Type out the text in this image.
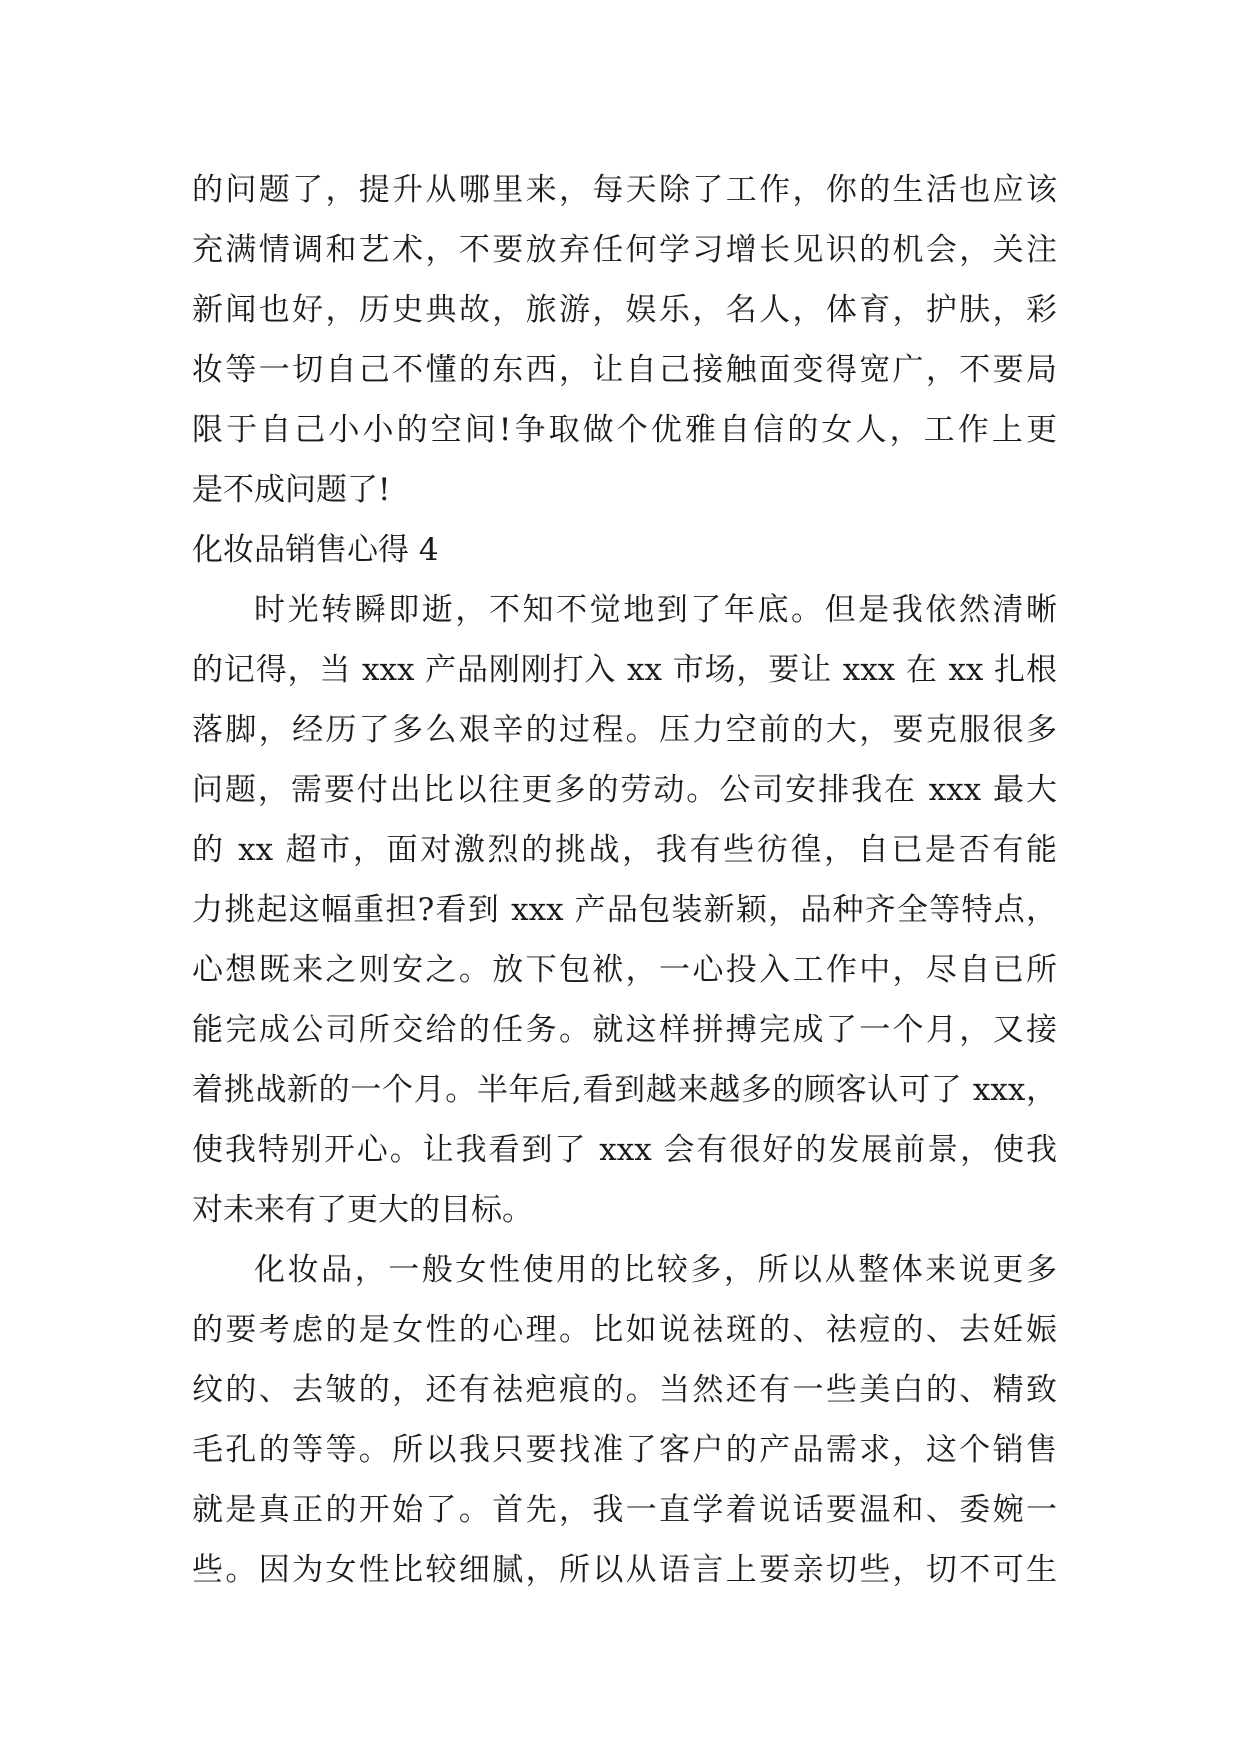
的问题了，提升从哪里来，每天除了工作，你的生活也应该
充满情调和艺术，不要放弃任何学习增长见识的机会，关注
新闻也好，历史典故，旅游，娱乐，名人，体育，护肤，彩
妆等一切自己不懂的东西，让自己接触面变得宽广，不要局
限于自己小小的空间!争取做个优雅自信的女人，工作上更
是不成问题了!
化妆品销售心得 4
时光转瞬即逝，不知不觉地到了年底。但是我依然清晰
的记得，当 xxx 产品刚刚打入 xx 市场，要让 xxx 在 xx 扎根
落脚，经历了多么艰辛的过程。压力空前的大，要克服很多
问题，需要付出比以往更多的劳动。公司安排我在 xxx 最大
的 xx 超市，面对激烈的挑战，我有些彷徨，自已是否有能
力挑起这幅重担?看到 xxx 产品包装新颖，品种齐全等特点，
心想既来之则安之。放下包袱，一心投入工作中，尽自已所
能完成公司所交给的任务。就这样拼搏完成了一个月，又接
着挑战新的一个月。半年后,看到越来越多的顾客认可了 xxx，
使我特别开心。让我看到了 xxx 会有很好的发展前景，使我
对未来有了更大的目标。
化妆品，一般女性使用的比较多，所以从整体来说更多
的要考虑的是女性的心理。比如说祛斑的、祛痘的、去妊娠
纹的、去皱的，还有祛疤痕的。当然还有一些美白的、精致
毛孔的等等。所以我只要找准了客户的产品需求，这个销售
就是真正的开始了。首先，我一直学着说话要温和、委婉一
些。因为女性比较细腻，所以从语言上要亲切些，切不可生
